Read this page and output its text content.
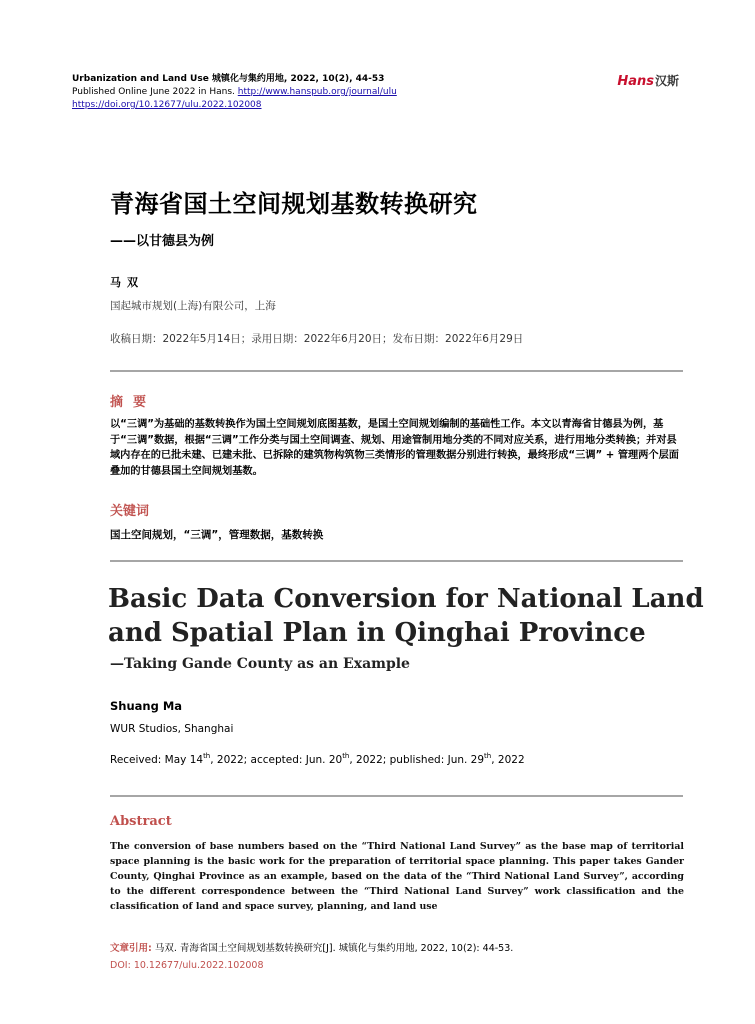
Urbanization and Land Use 城镇化与集约用地, 2022, 10(2), 44-53
Published Online June 2022 in Hans. http://www.hanspub.org/journal/ulu
https://doi.org/10.12677/ulu.2022.102008
Hans汉斯
青海省国土空间规划基数转换研究
——以甘德县为例
马双
国起城市规划(上海)有限公司，上海
收稿日期：2022年5月14日；录用日期：2022年6月20日；发布日期：2022年6月29日
摘要
以“三调”为基础的基数转换作为国土空间规划底图基数，是国土空间规划编制的基础性工作。本文以青海省甘德县为例，基于“三调”数据，根据“三调”工作分类与国土空间调查、规划、用途管制用地分类的不同对应关系，进行用地分类转换；并对县域内存在的已批未建、已建未批、已拆除的建筑物构筑物三类情形的管理数据分别进行转换，最终形成“三调” + 管理两个层面叠加的甘德县国土空间规划基数。
关键词
国土空间规划，“三调”，管理数据，基数转换
Basic Data Conversion for National Land
and Spatial Plan in Qinghai Province
—Taking Gande County as an Example
Shuang Ma
WUR Studios, Shanghai
Received: May 14th, 2022; accepted: Jun. 20th, 2022; published: Jun. 29th, 2022
Abstract
The conversion of base numbers based on the “Third National Land Survey” as the base map of territorial space planning is the basic work for the preparation of territorial space planning. This paper takes Gander County, Qinghai Province as an example, based on the data of the “Third National Land Survey”, according to the different correspondence between the “Third National Land Survey” work classification and the classification of land and space survey, planning, and land use
文章引用: 马双. 青海省国土空间规划基数转换研究[J]. 城镇化与集约用地, 2022, 10(2): 44-53.
DOI: 10.12677/ulu.2022.102008
